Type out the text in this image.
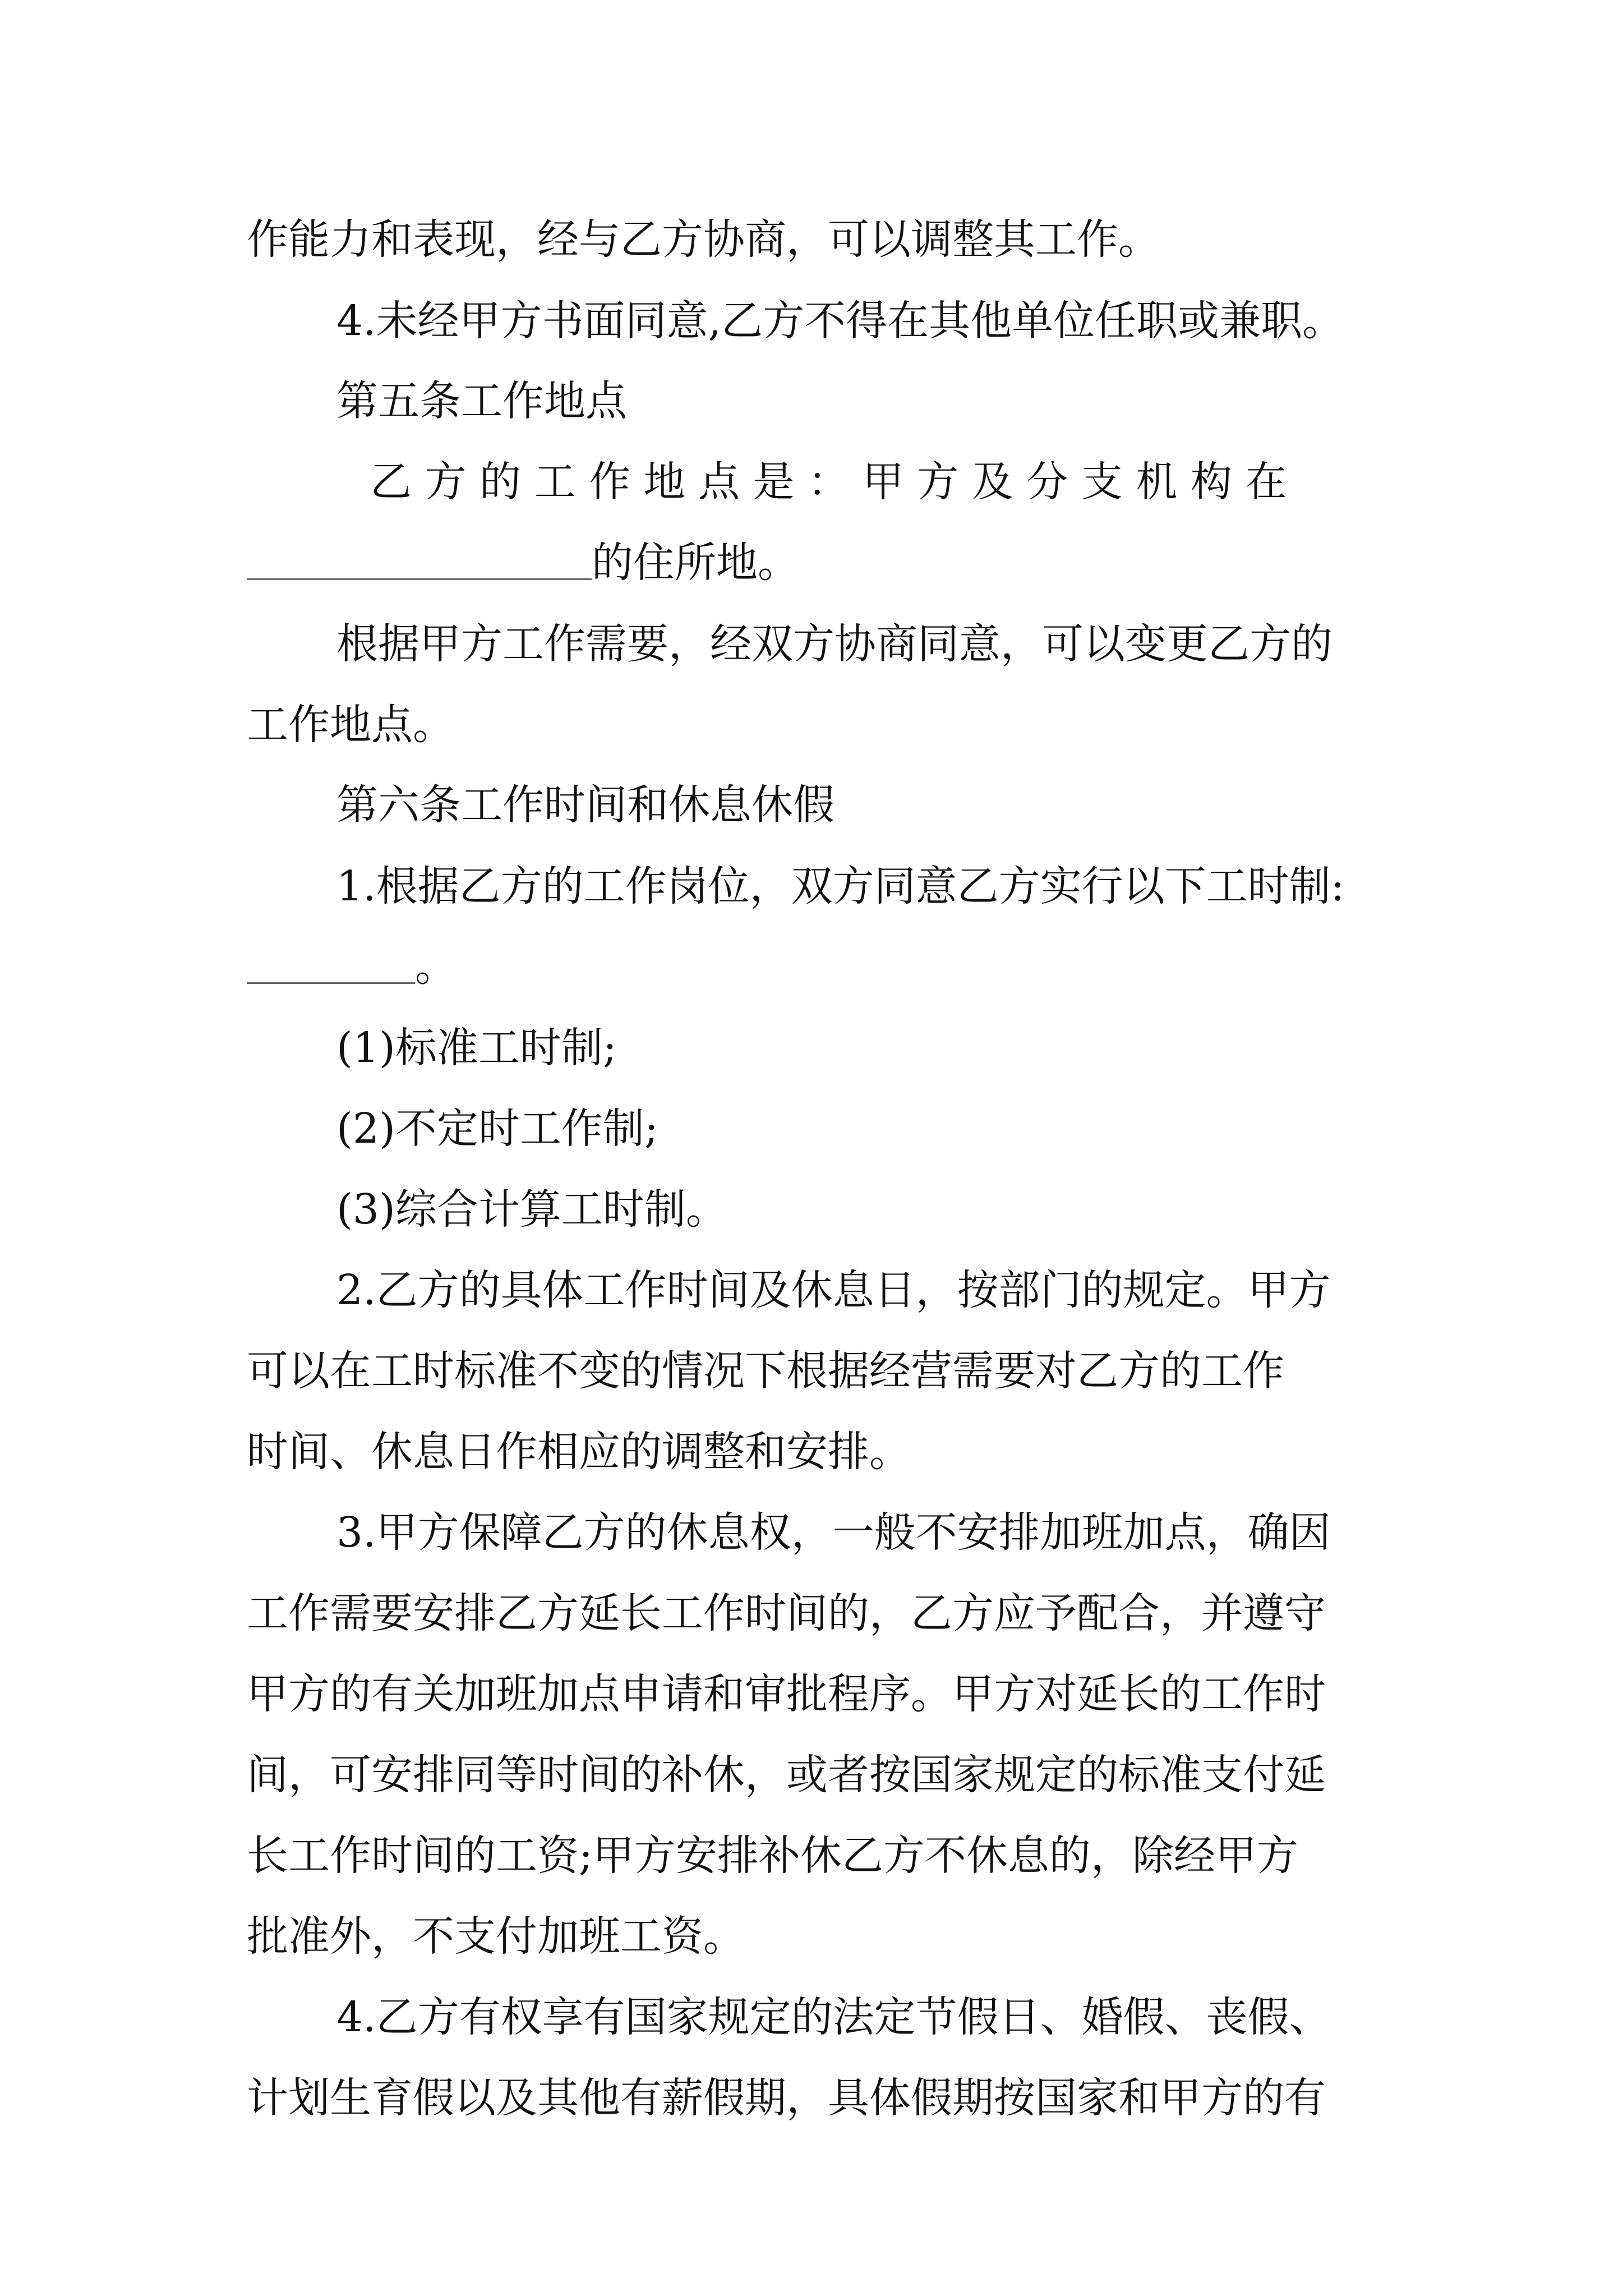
作能力和表现，经与乙方协商，可以调整其工作。
4.未经甲方书面同意,乙方不得在其他单位任职或兼职。
第五条工作地点
乙 方 的 工 作 地 点 是 ： 甲 方 及 分 支 机 构 在
的住所地。
根据甲方工作需要，经双方协商同意，可以变更乙方的
工作地点。
第六条工作时间和休息休假
1.根据乙方的工作岗位，双方同意乙方实行以下工时制:
。
(1)标准工时制;
(2)不定时工作制;
(3)综合计算工时制。
2.乙方的具体工作时间及休息日，按部门的规定。甲方
可以在工时标准不变的情况下根据经营需要对乙方的工作
时间、休息日作相应的调整和安排。
3.甲方保障乙方的休息权，一般不安排加班加点，确因
工作需要安排乙方延长工作时间的，乙方应予配合，并遵守
甲方的有关加班加点申请和审批程序。甲方对延长的工作时
间，可安排同等时间的补休，或者按国家规定的标准支付延
长工作时间的工资;甲方安排补休乙方不休息的，除经甲方
批准外，不支付加班工资。
4.乙方有权享有国家规定的法定节假日、婚假、丧假、
计划生育假以及其他有薪假期，具体假期按国家和甲方的有
